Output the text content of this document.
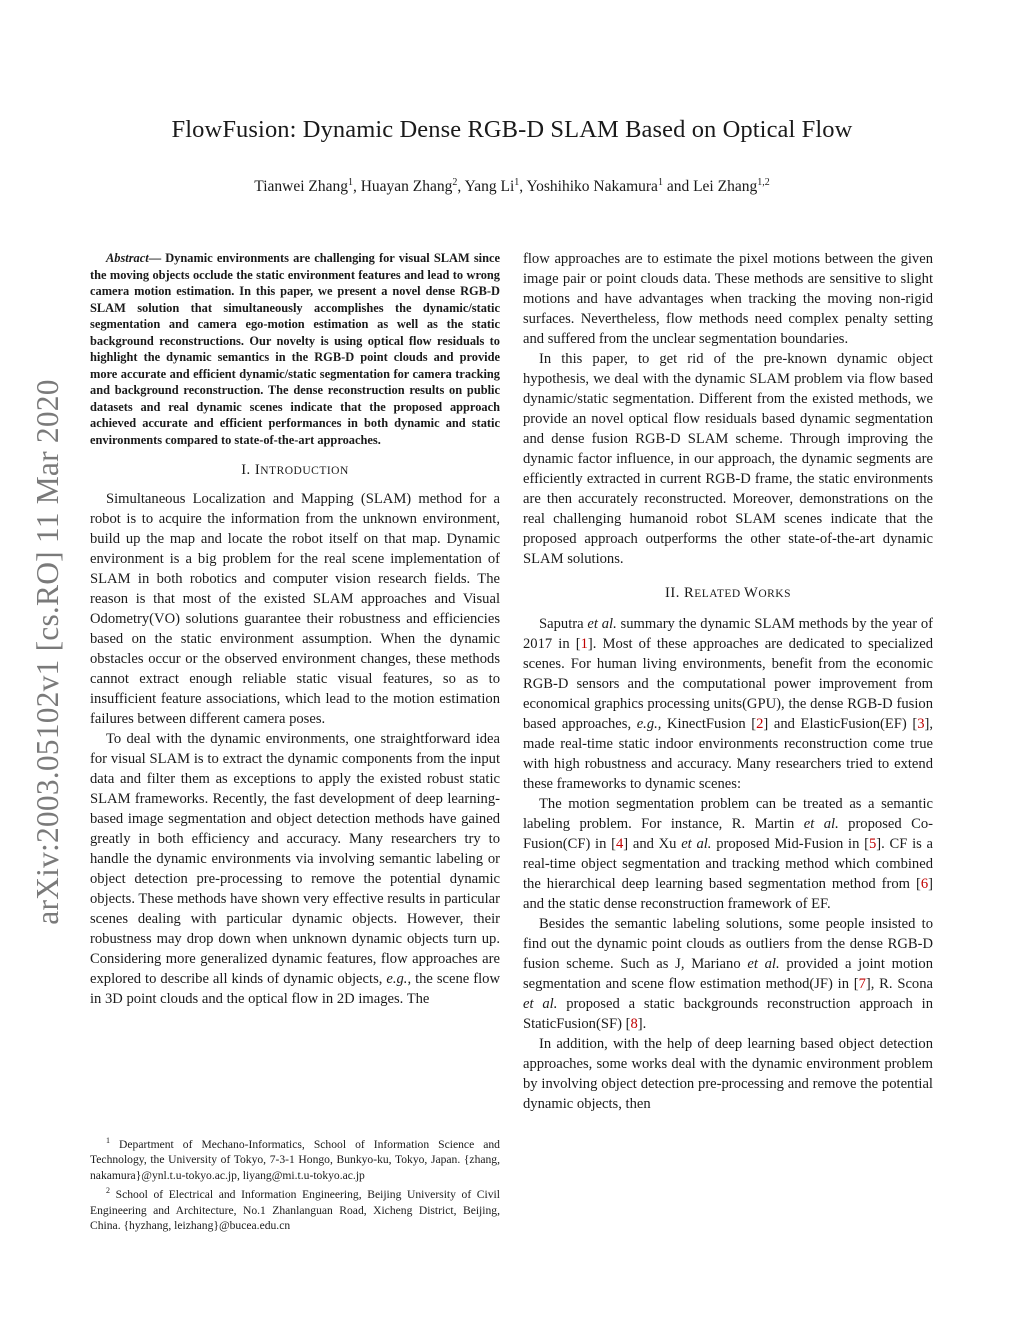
FlowFusion: Dynamic Dense RGB-D SLAM Based on Optical Flow
Tianwei Zhang$^1$, Huayan Zhang$^2$, Yang Li$^1$, Yoshihiko Nakamura$^1$ and Lei Zhang$^{1,2}$
arXiv:2003.05102v1 [cs.RO] 11 Mar 2020

Abstract— Dynamic environments are challenging for visual SLAM since the moving objects occlude the static environment features and lead to wrong camera motion estimation. In this paper, we present a novel dense RGB-D SLAM solution that simultaneously accomplishes the dynamic/static segmentation and camera ego-motion estimation as well as the static background reconstructions. Our novelty is using optical flow residuals to highlight the dynamic semantics in the RGB-D point clouds and provide more accurate and efficient dynamic/static segmentation for camera tracking and background reconstruction. The dense reconstruction results on public datasets and real dynamic scenes indicate that the proposed approach achieved accurate and efficient performances in both dynamic and static environments compared to state-of-the-art approaches.

I. INTRODUCTION

Simultaneous Localization and Mapping (SLAM) method for a robot is to acquire the information from the unknown environment, build up the map and locate the robot itself on that map. Dynamic environment is a big problem for the real scene implementation of SLAM in both robotics and computer vision research fields. The reason is that most of the existed SLAM approaches and Visual Odometry(VO) solutions guarantee their robustness and efficiencies based on the static environment assumption. When the dynamic obstacles occur or the observed environment changes, these methods cannot extract enough reliable static visual features, so as to insufficient feature associations, which lead to the motion estimation failures between different camera poses.

To deal with the dynamic environments, one straightforward idea for visual SLAM is to extract the dynamic components from the input data and filter them as exceptions to apply the existed robust static SLAM frameworks. Recently, the fast development of deep learning-based image segmentation and object detection methods have gained greatly in both efficiency and accuracy. Many researchers try to handle the dynamic environments via involving semantic labeling or object detection pre-processing to remove the potential dynamic objects. These methods have shown very effective results in particular scenes dealing with particular dynamic objects. However, their robustness may drop down when unknown dynamic objects turn up. Considering more generalized dynamic features, flow approaches are explored to describe all kinds of dynamic objects, e.g., the scene flow in 3D point clouds and the optical flow in 2D images. The

$^1$ Department of Mechano-Informatics, School of Information Science and Technology, the University of Tokyo, 7-3-1 Hongo, Bunkyo-ku, Tokyo, Japan. {zhang, nakamura}@ynl.t.u-tokyo.ac.jp, liyang@mi.t.u-tokyo.ac.jp

$^2$ School of Electrical and Information Engineering, Beijing University of Civil Engineering and Architecture, No.1 Zhanlanguan Road, Xicheng District, Beijing, China. {hyzhang, leizhang}@bucea.edu.cn

flow approaches are to estimate the pixel motions between the given image pair or point clouds data. These methods are sensitive to slight motions and have advantages when tracking the moving non-rigid surfaces. Nevertheless, flow methods need complex penalty setting and suffered from the unclear segmentation boundaries.

In this paper, to get rid of the pre-known dynamic object hypothesis, we deal with the dynamic SLAM problem via flow based dynamic/static segmentation. Different from the existed methods, we provide an novel optical flow residuals based dynamic segmentation and dense fusion RGB-D SLAM scheme. Through improving the dynamic factor influence, in our approach, the dynamic segments are efficiently extracted in current RGB-D frame, the static environments are then accurately reconstructed. Moreover, demonstrations on the real challenging humanoid robot SLAM scenes indicate that the proposed approach outperforms the other state-of-the-art dynamic SLAM solutions.

II. RELATED WORKS

Saputra et al. summary the dynamic SLAM methods by the year of 2017 in [1]. Most of these approaches are dedicated to specialized scenes. For human living environments, benefit from the economic RGB-D sensors and the computational power improvement from economical graphics processing units(GPU), the dense RGB-D fusion based approaches, e.g., KinectFusion [2] and ElasticFusion(EF) [3], made real-time static indoor environments reconstruction come true with high robustness and accuracy. Many researchers tried to extend these frameworks to dynamic scenes:

The motion segmentation problem can be treated as a semantic labeling problem. For instance, R. Martin et al. proposed Co-Fusion(CF) in [4] and Xu et al. proposed Mid-Fusion in [5]. CF is a real-time object segmentation and tracking method which combined the hierarchical deep learning based segmentation method from [6] and the static dense reconstruction framework of EF.

Besides the semantic labeling solutions, some people insisted to find out the dynamic point clouds as outliers from the dense RGB-D fusion scheme. Such as J, Mariano et al. provided a joint motion segmentation and scene flow estimation method(JF) in [7], R. Scona et al. proposed a static backgrounds reconstruction approach in StaticFusion(SF) [8].

In addition, with the help of deep learning based object detection approaches, some works deal with the dynamic environment problem by involving object detection pre-processing and remove the potential dynamic objects, then
